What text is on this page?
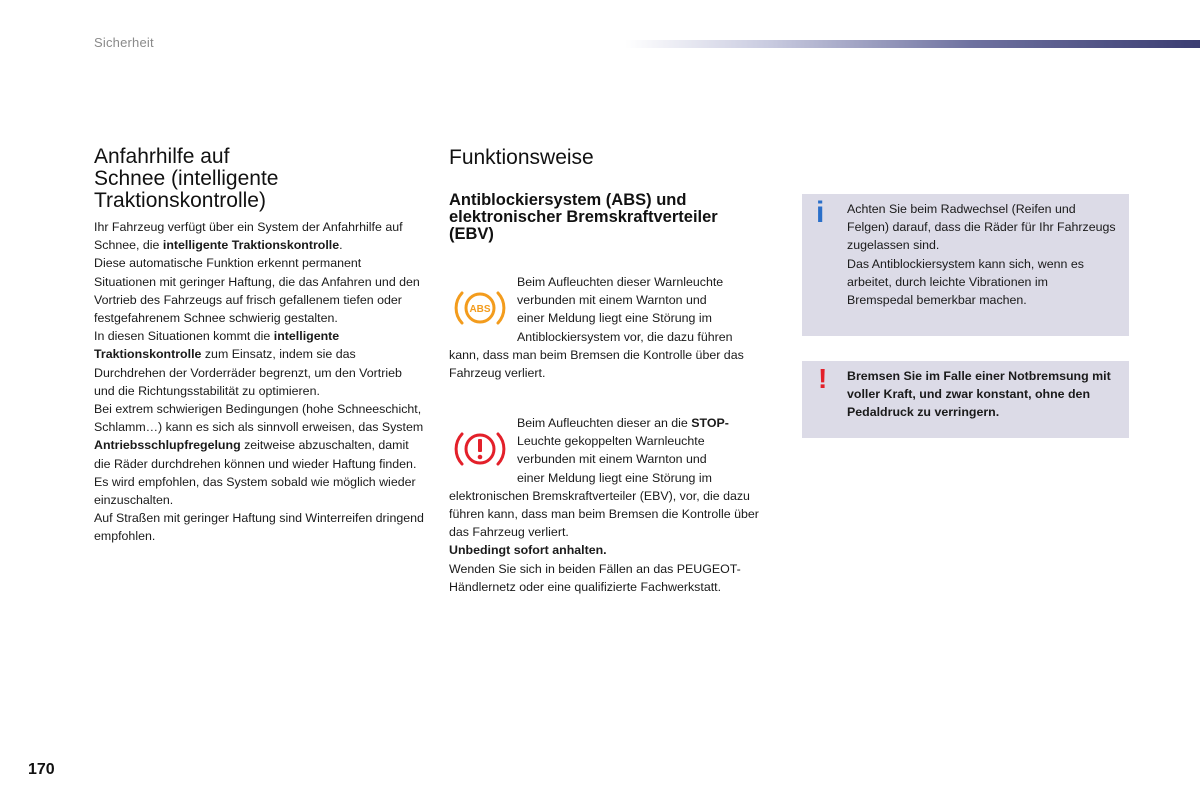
Sicherheit
Anfahrhilfe auf
Schnee (intelligente
Traktionskontrolle)

Ihr Fahrzeug verfügt über ein System der Anfahrhilfe auf Schnee, die intelligente Traktionskontrolle.
Diese automatische Funktion erkennt permanent Situationen mit geringer Haftung, die das Anfahren und den Vortrieb des Fahrzeugs auf frisch gefallenem tiefen oder festgefahrenem Schnee schwierig gestalten.
In diesen Situationen kommt die intelligente Traktionskontrolle zum Einsatz, indem sie das Durchdrehen der Vorderräder begrenzt, um den Vortrieb und die Richtungsstabilität zu optimieren.
Bei extrem schwierigen Bedingungen (hohe Schneeschicht, Schlamm…) kann es sich als sinnvoll erweisen, das System Antriebsschlupfregelung zeitweise abzuschalten, damit die Räder durchdrehen können und wieder Haftung finden.
Es wird empfohlen, das System sobald wie möglich wieder einzuschalten.
Auf Straßen mit geringer Haftung sind Winterreifen dringend empfohlen.

Funktionsweise
Antiblockiersystem (ABS) und
elektronischer Bremskraftverteiler
(EBV)
ABS

Beim Aufleuchten dieser Warnleuchte
verbunden mit einem Warnton und
einer Meldung liegt eine Störung im
Antiblockiersystem vor, die dazu führen
kann, dass man beim Bremsen die Kontrolle über das Fahrzeug verliert.

Beim Aufleuchten dieser an die STOP-
Leuchte gekoppelten Warnleuchte
verbunden mit einem Warnton und
einer Meldung liegt eine Störung im
elektronischen Bremskraftverteiler (EBV), vor, die dazu führen kann, dass man beim Bremsen die Kontrolle über das Fahrzeug verliert.
Unbedingt sofort anhalten.
Wenden Sie sich in beiden Fällen an das PEUGEOT-Händlernetz oder eine qualifizierte Fachwerkstatt.

i Achten Sie beim Radwechsel (Reifen und Felgen) darauf, dass die Räder für Ihr Fahrzeugs zugelassen sind.
Das Antiblockiersystem kann sich, wenn es arbeitet, durch leichte Vibrationen im Bremspedal bemerkbar machen.

! Bremsen Sie im Falle einer Notbremsung mit voller Kraft, und zwar konstant, ohne den Pedaldruck zu verringern.

170
